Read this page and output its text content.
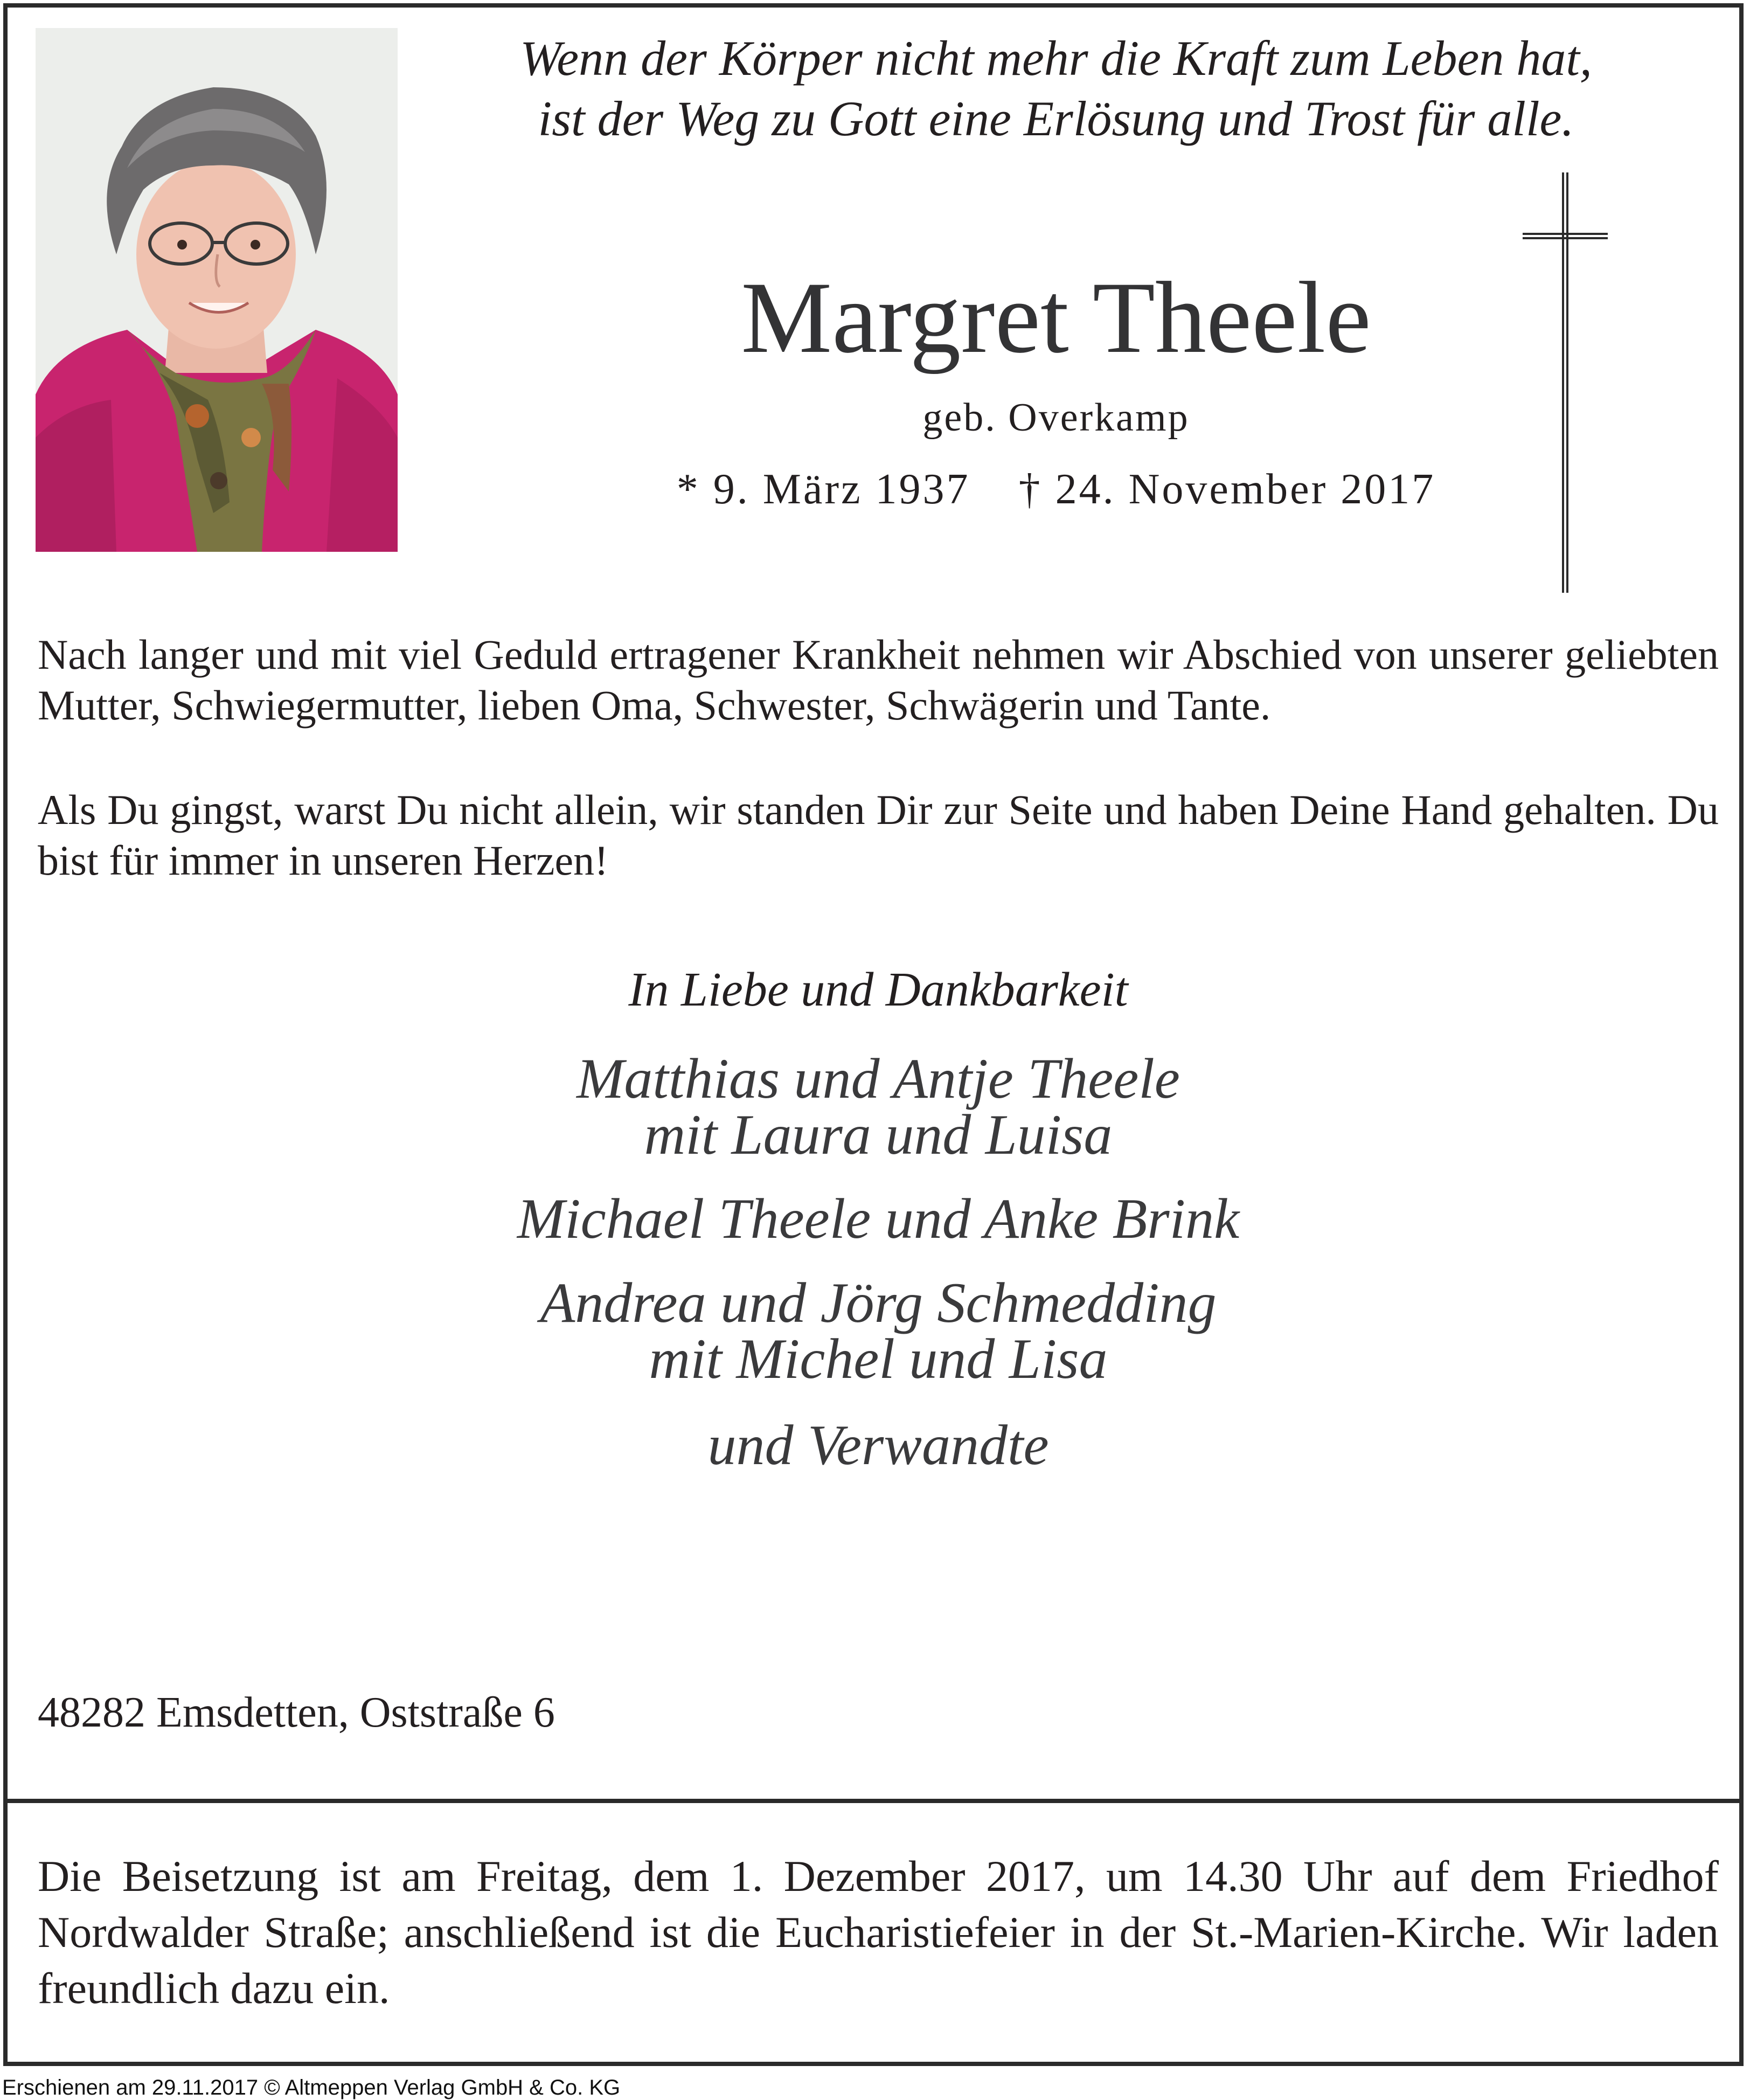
Wenn der Körper nicht mehr die Kraft zum Leben hat,
ist der Weg zu Gott eine Erlösung und Trost für alle.
Margret Theele
geb. Overkamp
* 9. März 1937 † 24. November 2017
Nach langer und mit viel Geduld ertragener Krankheit nehmen wir Abschied von unserer geliebten Mutter, Schwiegermutter, lieben Oma, Schwester, Schwägerin und Tante.
Als Du gingst, warst Du nicht allein, wir standen Dir zur Seite und haben Deine Hand gehalten. Du bist für immer in unseren Herzen!
In Liebe und Dankbarkeit
Matthias und Antje Theele
mit Laura und Luisa
Michael Theele und Anke Brink
Andrea und Jörg Schmedding
mit Michel und Lisa
und Verwandte
48282 Emsdetten, Oststraße 6
Die Beisetzung ist am Freitag, dem 1. Dezember 2017, um 14.30 Uhr auf dem Friedhof Nordwalder Straße; anschließend ist die Eucharistiefeier in der St.-Marien-Kirche. Wir laden freundlich dazu ein.
Erschienen am 29.11.2017 © Altmeppen Verlag GmbH & Co. KG
